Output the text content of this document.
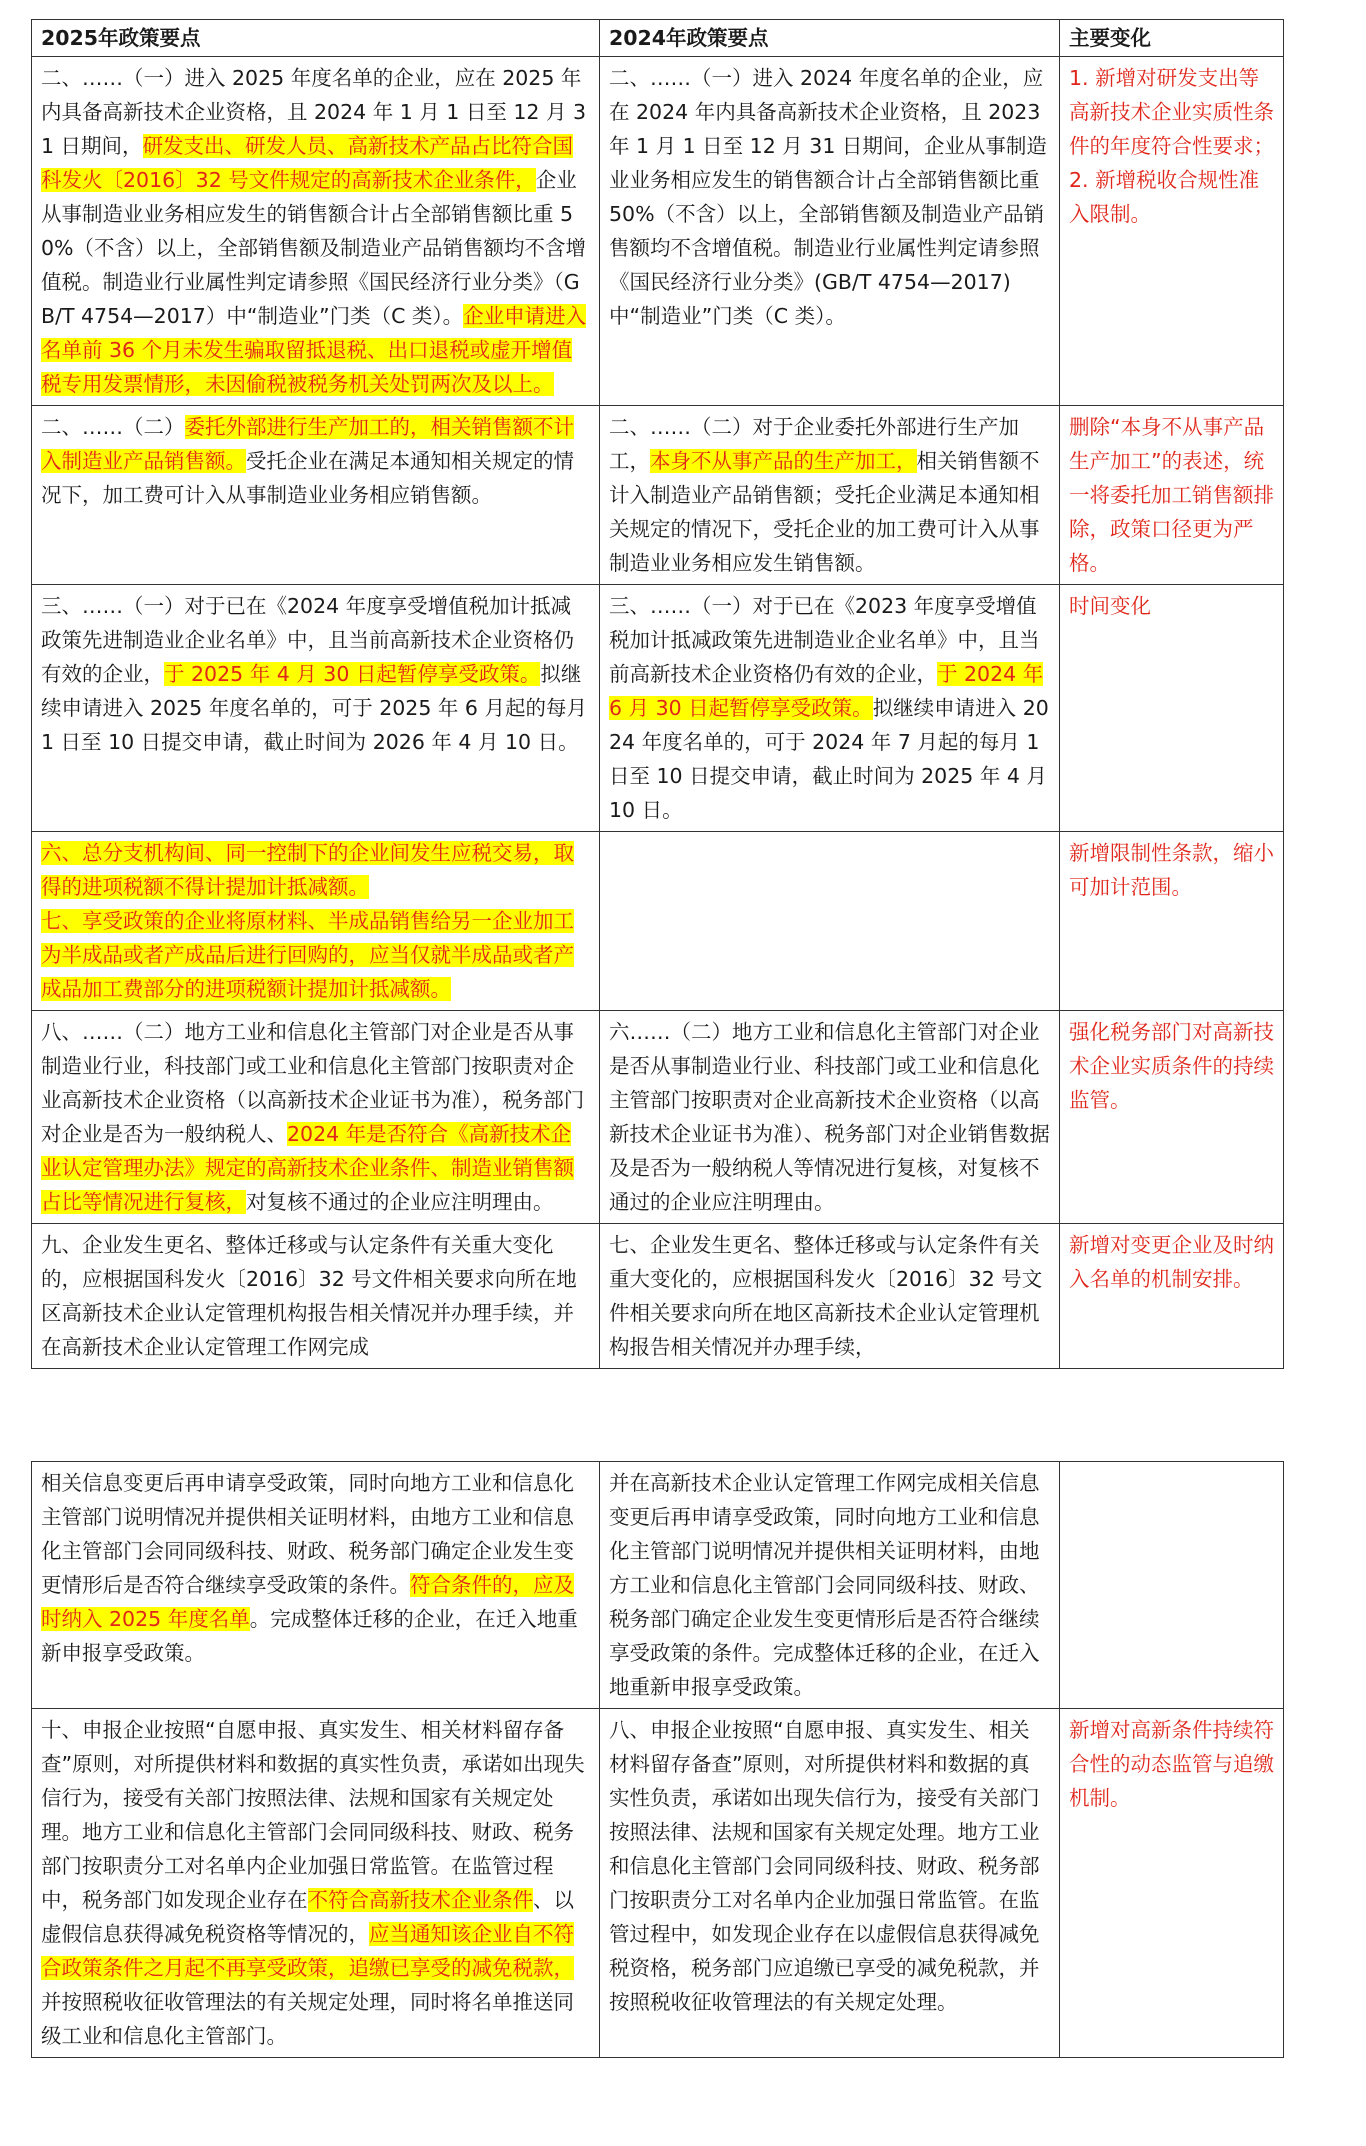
2025年政策要点	2024年政策要点	主要变化
二、……（一）进入 2025 年度名单的企业，应在 2025 年内具备高新技术企业资格，且 2024 年 1 月 1 日至 12 月 31 日期间，研发支出、研发人员、高新技术产品占比符合国科发火〔2016〕32 号文件规定的高新技术企业条件，企业从事制造业业务相应发生的销售额合计占全部销售额比重 50%（不含）以上，全部销售额及制造业产品销售额均不含增值税。制造业行业属性判定请参照《国民经济行业分类》（GB/T 4754—2017）中“制造业”门类（C 类）。企业申请进入名单前 36 个月未发生骗取留抵退税、出口退税或虚开增值税专用发票情形，未因偷税被税务机关处罚两次及以上。	二、……（一）进入 2024 年度名单的企业，应在 2024 年内具备高新技术企业资格，且 2023 年 1 月 1 日至 12 月 31 日期间，企业从事制造业业务相应发生的销售额合计占全部销售额比重 50%（不含）以上，全部销售额及制造业产品销售额均不含增值税。制造业行业属性判定请参照《国民经济行业分类》(GB/T 4754—2017) 中“制造业”门类（C 类）。	1. 新增对研发支出等高新技术企业实质性条件的年度符合性要求；
2. 新增税收合规性准入限制。
二、……（二）委托外部进行生产加工的，相关销售额不计入制造业产品销售额。受托企业在满足本通知相关规定的情况下，加工费可计入从事制造业业务相应销售额。	二、……（二）对于企业委托外部进行生产加工，本身不从事产品的生产加工，相关销售额不计入制造业产品销售额；受托企业满足本通知相关规定的情况下，受托企业的加工费可计入从事制造业业务相应发生销售额。	删除“本身不从事产品生产加工”的表述，统一将委托加工销售额排除，政策口径更为严格。
三、……（一）对于已在《2024 年度享受增值税加计抵减政策先进制造业企业名单》中，且当前高新技术企业资格仍有效的企业，于 2025 年 4 月 30 日起暂停享受政策。拟继续申请进入 2025 年度名单的，可于 2025 年 6 月起的每月 1 日至 10 日提交申请，截止时间为 2026 年 4 月 10 日。	三、……（一）对于已在《2023 年度享受增值税加计抵减政策先进制造业企业名单》中，且当前高新技术企业资格仍有效的企业，于 2024 年 6 月 30 日起暂停享受政策。拟继续申请进入 2024 年度名单的，可于 2024 年 7 月起的每月 1 日至 10 日提交申请，截止时间为 2025 年 4 月 10 日。	时间变化
六、总分支机构间、同一控制下的企业间发生应税交易，取得的进项税额不得计提加计抵减额。
七、享受政策的企业将原材料、半成品销售给另一企业加工为半成品或者产成品后进行回购的，应当仅就半成品或者产成品加工费部分的进项税额计提加计抵减额。		新增限制性条款，缩小可加计范围。
八、……（二）地方工业和信息化主管部门对企业是否从事制造业行业，科技部门或工业和信息化主管部门按职责对企业高新技术企业资格（以高新技术企业证书为准），税务部门对企业是否为一般纳税人、2024 年是否符合《高新技术企业认定管理办法》规定的高新技术企业条件、制造业销售额占比等情况进行复核，对复核不通过的企业应注明理由。	六……（二）地方工业和信息化主管部门对企业是否从事制造业行业、科技部门或工业和信息化主管部门按职责对企业高新技术企业资格（以高新技术企业证书为准）、税务部门对企业销售数据及是否为一般纳税人等情况进行复核，对复核不通过的企业应注明理由。	强化税务部门对高新技术企业实质条件的持续监管。
九、企业发生更名、整体迁移或与认定条件有关重大变化的，应根据国科发火〔2016〕32 号文件相关要求向所在地区高新技术企业认定管理机构报告相关情况并办理手续，并在高新技术企业认定管理工作网完成	七、企业发生更名、整体迁移或与认定条件有关重大变化的，应根据国科发火〔2016〕32 号文件相关要求向所在地区高新技术企业认定管理机构报告相关情况并办理手续，	新增对变更企业及时纳入名单的机制安排。
相关信息变更后再申请享受政策，同时向地方工业和信息化主管部门说明情况并提供相关证明材料，由地方工业和信息化主管部门会同同级科技、财政、税务部门确定企业发生变更情形后是否符合继续享受政策的条件。符合条件的，应及时纳入 2025 年度名单。完成整体迁移的企业，在迁入地重新申报享受政策。	并在高新技术企业认定管理工作网完成相关信息变更后再申请享受政策，同时向地方工业和信息化主管部门说明情况并提供相关证明材料，由地方工业和信息化主管部门会同同级科技、财政、税务部门确定企业发生变更情形后是否符合继续享受政策的条件。完成整体迁移的企业，在迁入地重新申报享受政策。	
十、申报企业按照“自愿申报、真实发生、相关材料留存备查”原则，对所提供材料和数据的真实性负责，承诺如出现失信行为，接受有关部门按照法律、法规和国家有关规定处理。地方工业和信息化主管部门会同同级科技、财政、税务部门按职责分工对名单内企业加强日常监管。在监管过程中，税务部门如发现企业存在不符合高新技术企业条件、以虚假信息获得减免税资格等情况的，应当通知该企业自不符合政策条件之月起不再享受政策，追缴已享受的减免税款，并按照税收征收管理法的有关规定处理，同时将名单推送同级工业和信息化主管部门。	八、申报企业按照“自愿申报、真实发生、相关材料留存备查”原则，对所提供材料和数据的真实性负责，承诺如出现失信行为，接受有关部门按照法律、法规和国家有关规定处理。地方工业和信息化主管部门会同同级科技、财政、税务部门按职责分工对名单内企业加强日常监管。在监管过程中，如发现企业存在以虚假信息获得减免税资格，税务部门应追缴已享受的减免税款，并按照税收征收管理法的有关规定处理。	新增对高新条件持续符合性的动态监管与追缴机制。
